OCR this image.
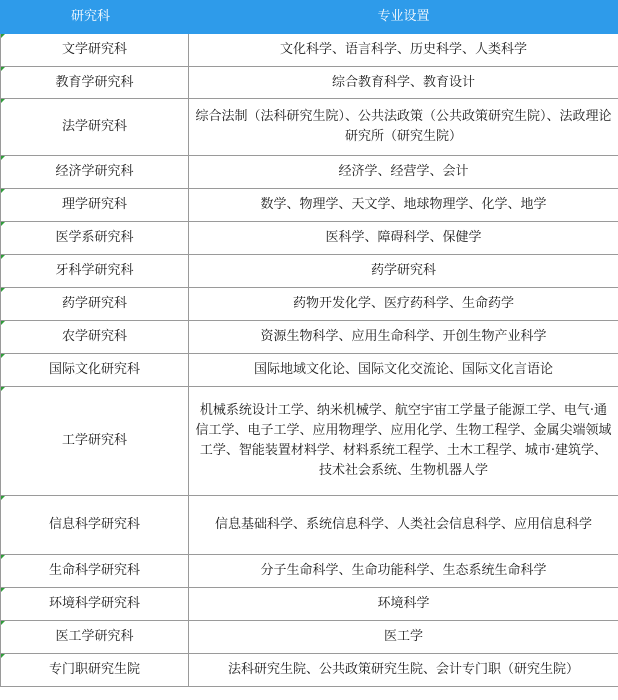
研究科	专业设置
文学研究科	文化科学、语言科学、历史科学、人类科学
教育学研究科	综合教育科学、教育设计
法学研究科	综合法制（法科研究生院）、公共法政策（公共政策研究生院）、法政理论研究所（研究生院）
经济学研究科	经济学、经营学、会计
理学研究科	数学、物理学、天文学、地球物理学、化学、地学
医学系研究科	医科学、障碍科学、保健学
牙科学研究科	药学研究科
药学研究科	药物开发化学、医疗药科学、生命药学
农学研究科	资源生物科学、应用生命科学、开创生物产业科学
国际文化研究科	国际地域文化论、国际文化交流论、国际文化言语论
工学研究科	机械系统设计工学、纳米机械学、航空宇宙工学量子能源工学、电气·通信工学、电子工学、应用物理学、应用化学、生物工程学、金属尖端领域工学、智能装置材料学、材料系统工程学、土木工程学、城市·建筑学、技术社会系统、生物机器人学
信息科学研究科	信息基础科学、系统信息科学、人类社会信息科学、应用信息科学
生命科学研究科	分子生命科学、生命功能科学、生态系统生命科学
环境科学研究科	环境科学
医工学研究科	医工学
专门职研究生院	法科研究生院、公共政策研究生院、会计专门职（研究生院）
